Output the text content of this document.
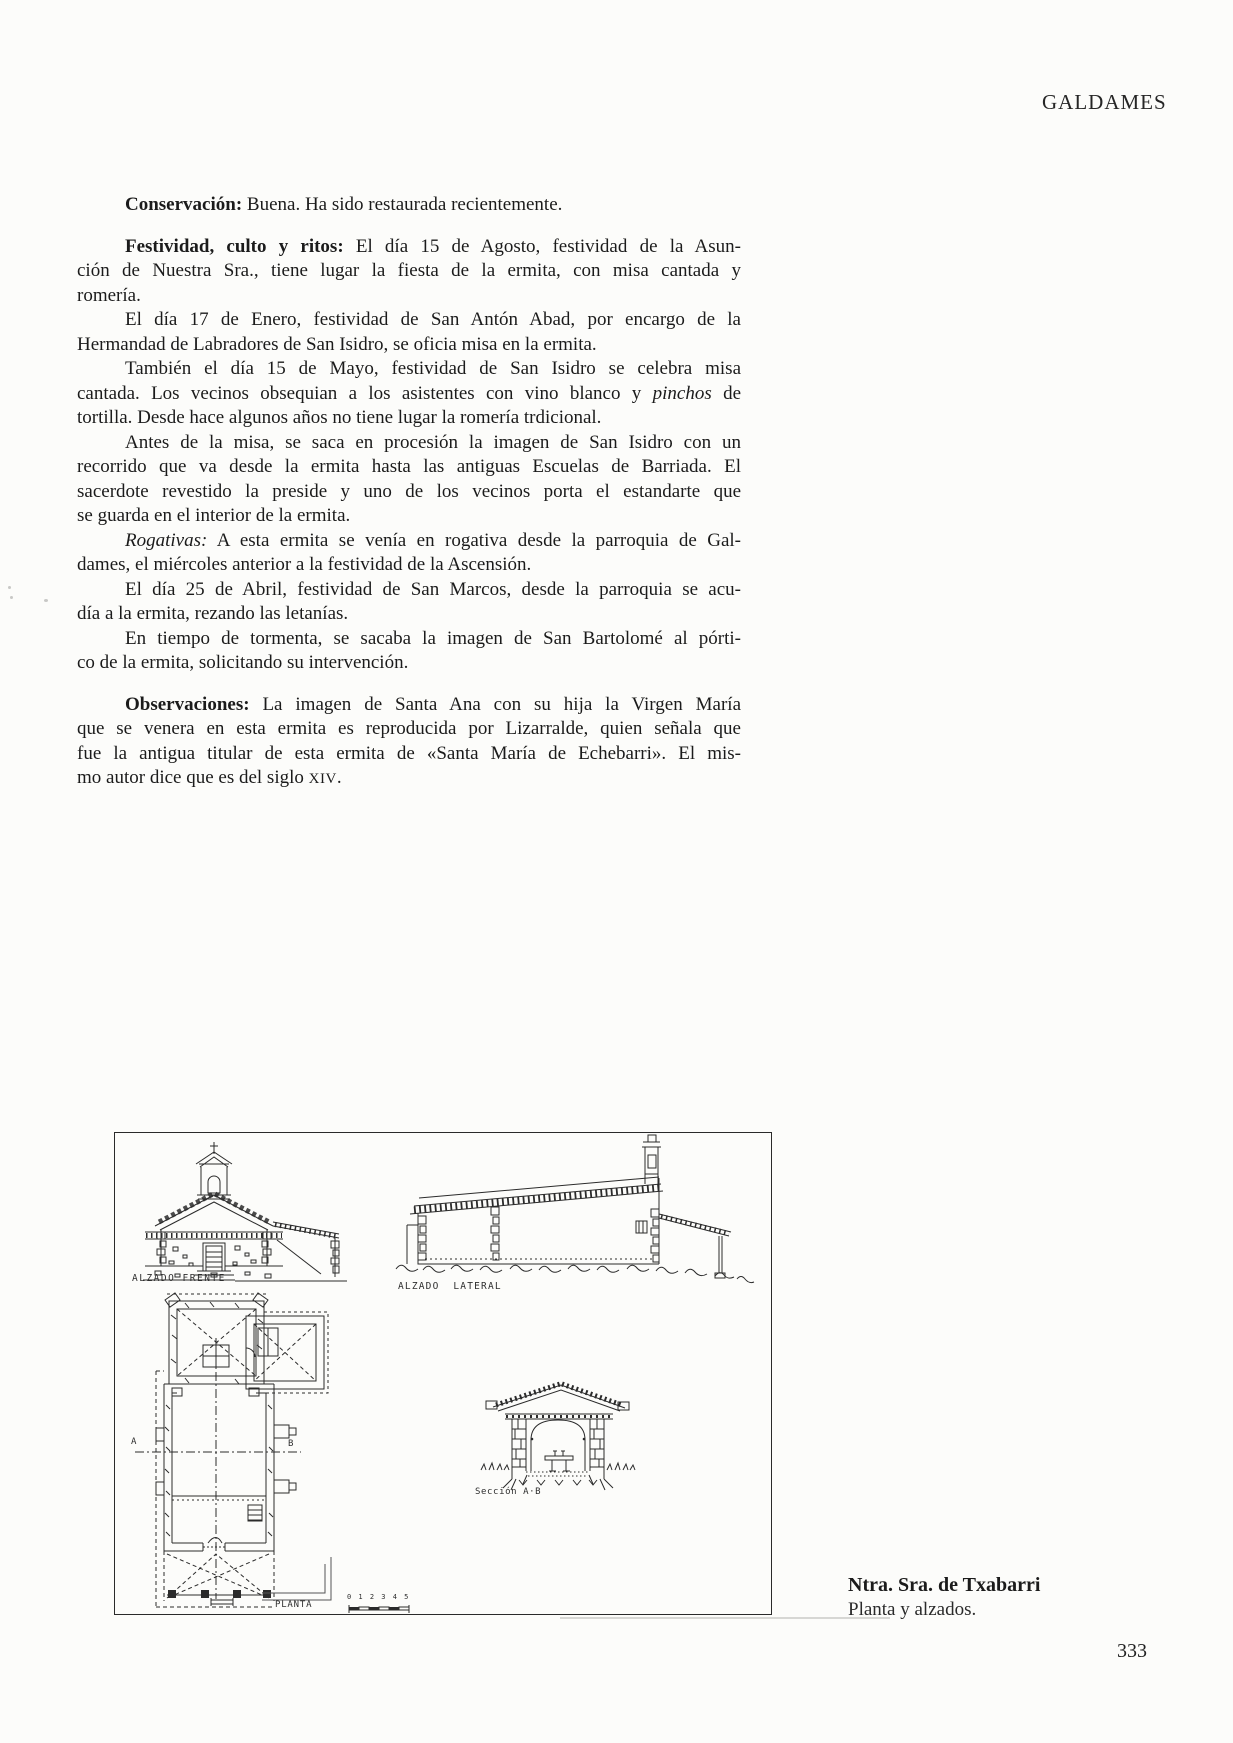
GALDAMES
Conservación: Buena. Ha sido restaurada recientemente.
Festividad, culto y ritos: El día 15 de Agosto, festividad de la Asun-
ción de Nuestra Sra., tiene lugar la fiesta de la ermita, con misa cantada y
romería.
El día 17 de Enero, festividad de San Antón Abad, por encargo de la
Hermandad de Labradores de San Isidro, se oficia misa en la ermita.
También el día 15 de Mayo, festividad de San Isidro se celebra misa
cantada. Los vecinos obsequian a los asistentes con vino blanco y pinchos de
tortilla. Desde hace algunos años no tiene lugar la romería trdicional.
Antes de la misa, se saca en procesión la imagen de San Isidro con un
recorrido que va desde la ermita hasta las antiguas Escuelas de Barriada. El
sacerdote revestido la preside y uno de los vecinos porta el estandarte que
se guarda en el interior de la ermita.
Rogativas: A esta ermita se venía en rogativa desde la parroquia de Gal-
dames, el miércoles anterior a la festividad de la Ascensión.
El día 25 de Abril, festividad de San Marcos, desde la parroquia se acu-
día a la ermita, rezando las letanías.
En tiempo de tormenta, se sacaba la imagen de San Bartolomé al pórti-
co de la ermita, solicitando su intervención.
Observaciones: La imagen de Santa Ana con su hija la Virgen María
que se venera en esta ermita es reproducida por Lizarralde, quien señala que
fue la antigua titular de esta ermita de «Santa María de Echebarri». El mis-
mo autor dice que es del siglo XIV.
ALZADO FRENTE
ALZADO  LATERAL
PLANTA
Sección A·B
0 1 2 3 4 5
A	B
Ntra. Sra. de Txabarri
Planta y alzados.
333
